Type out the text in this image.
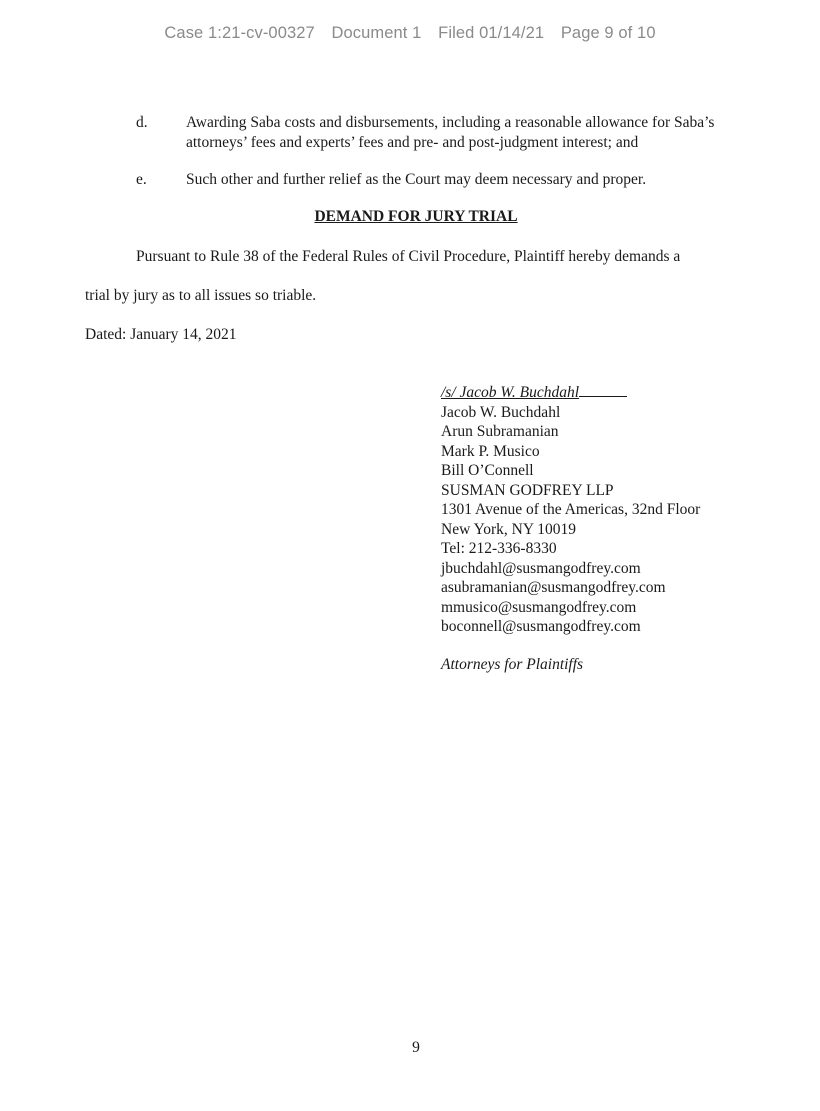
Case 1:21-cv-00327 Document 1 Filed 01/14/21 Page 9 of 10
d. Awarding Saba costs and disbursements, including a reasonable allowance for Saba’s attorneys’ fees and experts’ fees and pre- and post-judgment interest; and
e.	Such other and further relief as the Court may deem necessary and proper.
DEMAND FOR JURY TRIAL
Pursuant to Rule 38 of the Federal Rules of Civil Procedure, Plaintiff hereby demands a
trial by jury as to all issues so triable.
Dated: January 14, 2021
/s/ Jacob W. Buchdahl
Jacob W. Buchdahl
Arun Subramanian
Mark P. Musico
Bill O’Connell
SUSMAN GODFREY LLP
1301 Avenue of the Americas, 32nd Floor
New York, NY 10019
Tel: 212-336-8330
jbuchdahl@susmangodfrey.com
asubramanian@susmangodfrey.com
mmusico@susmangodfrey.com
boconnell@susmangodfrey.com
Attorneys for Plaintiffs
9
